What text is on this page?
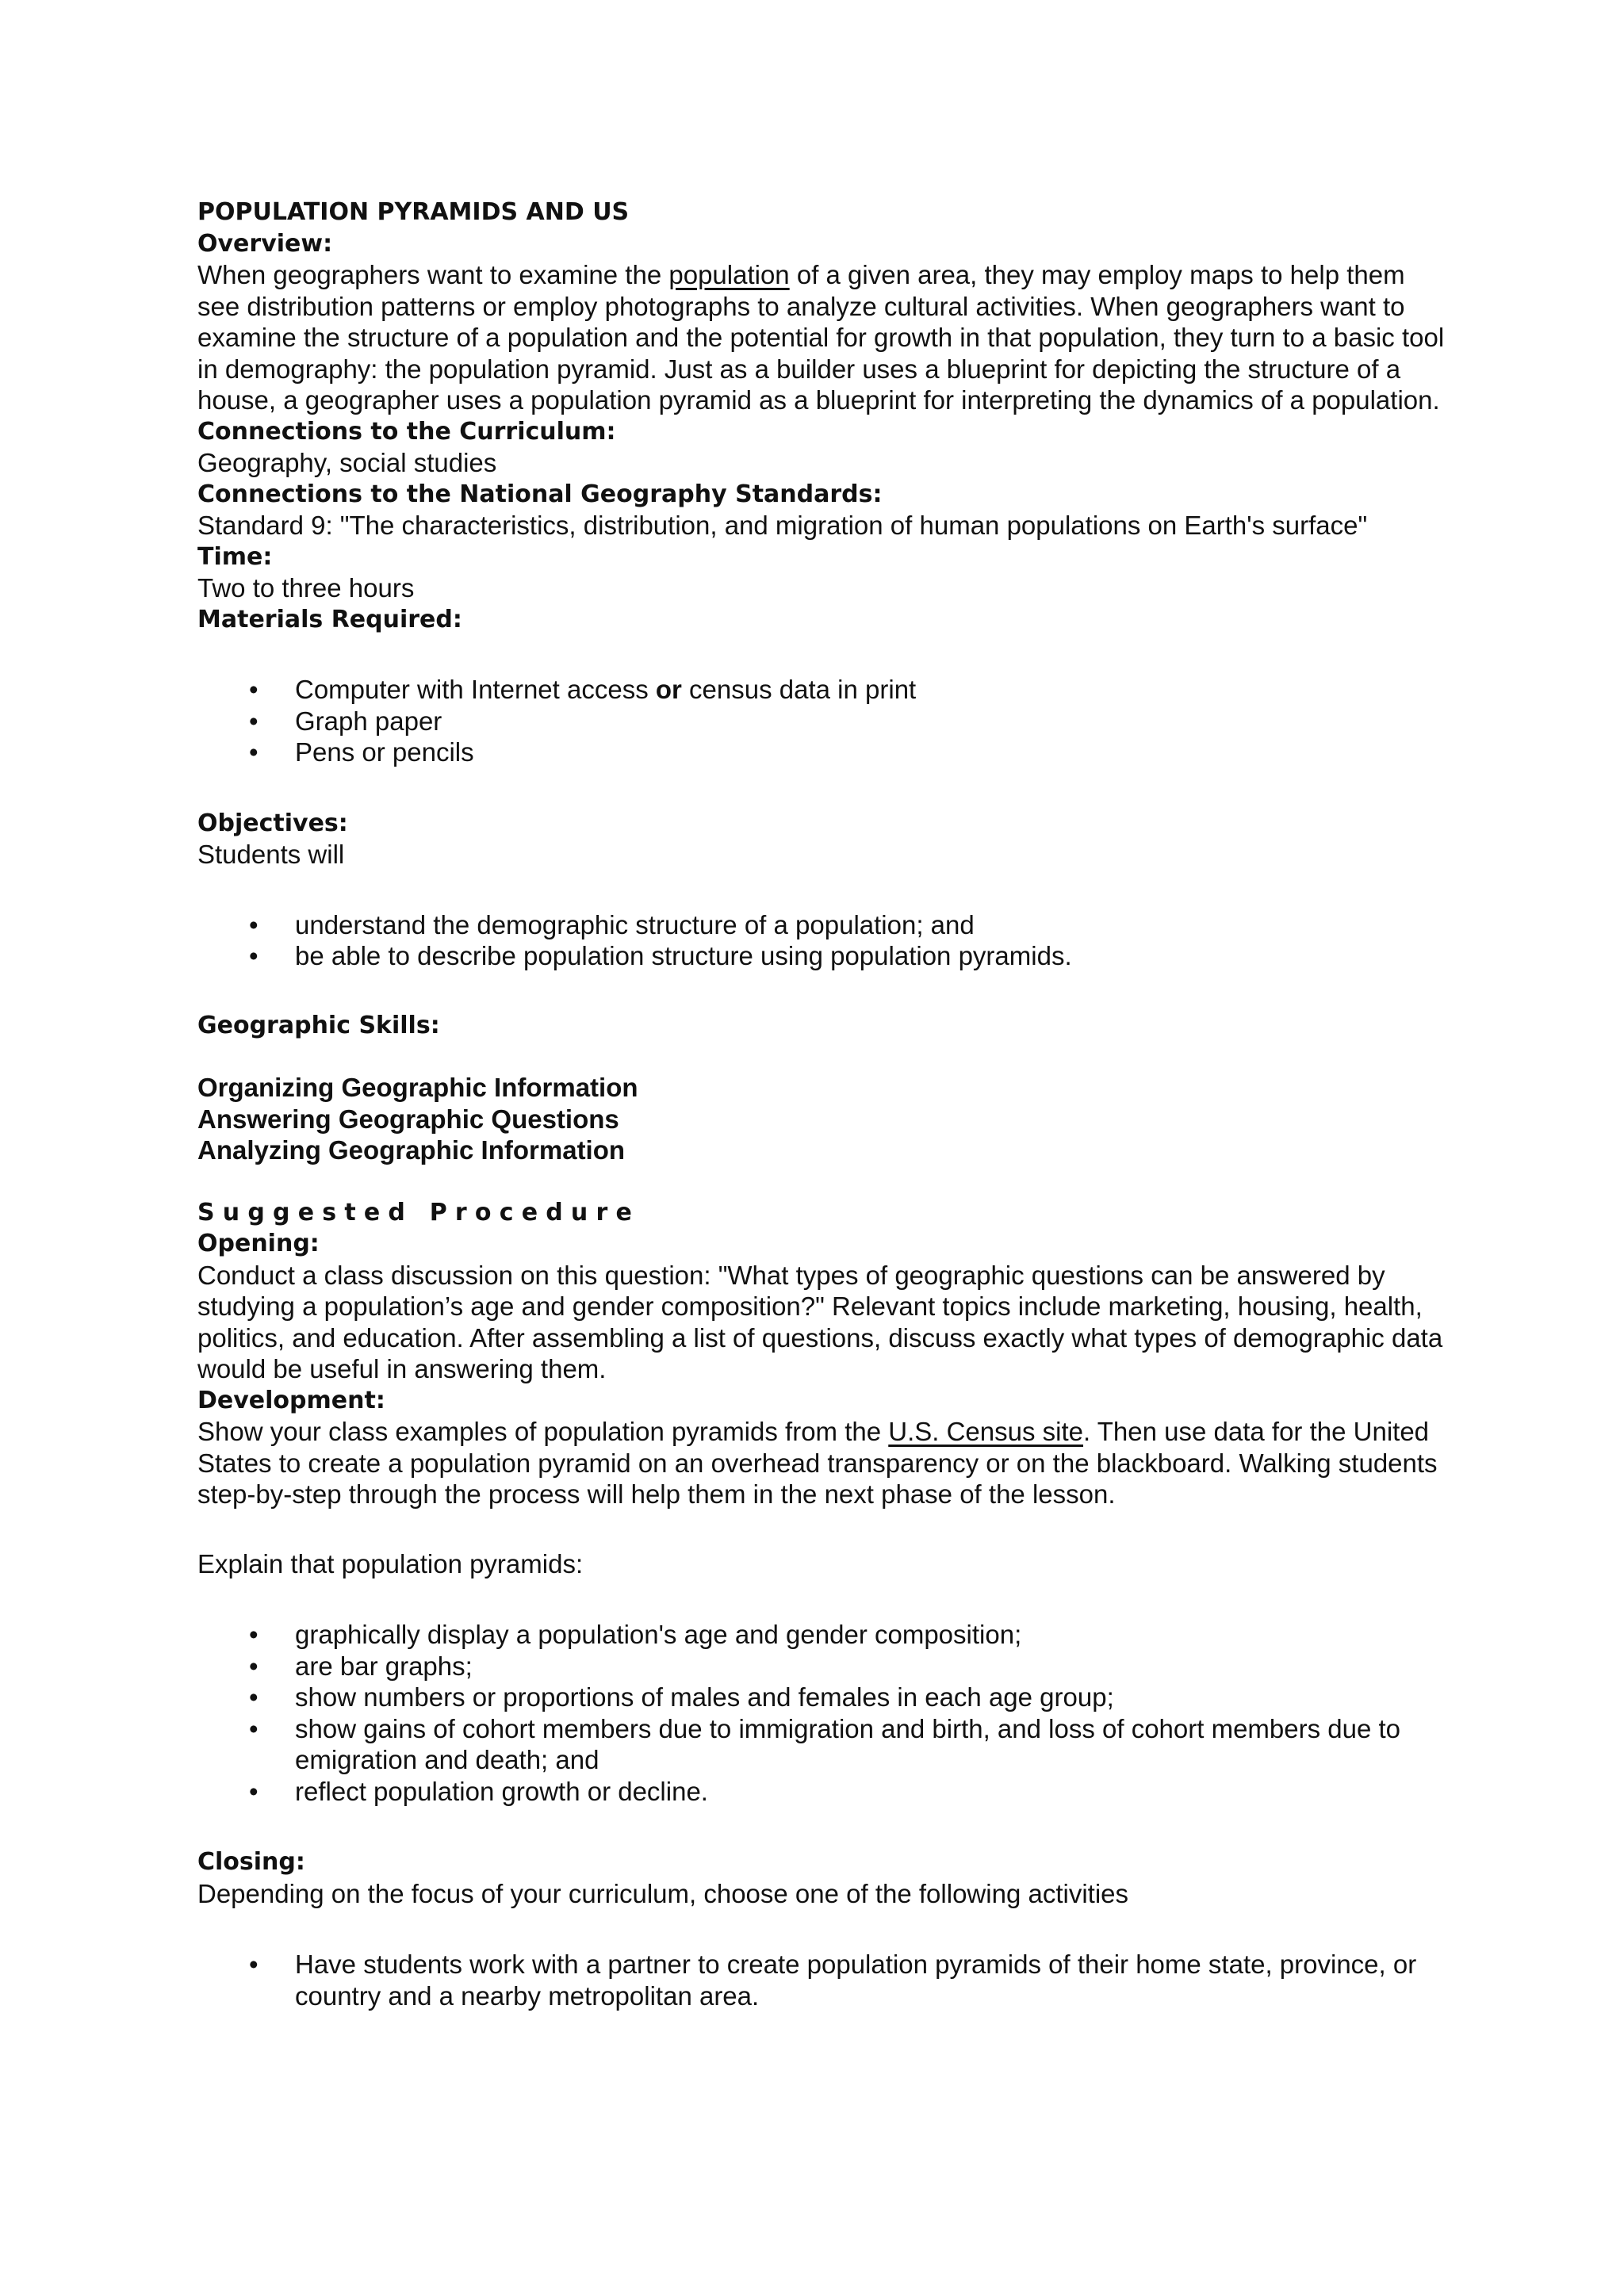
POPULATION PYRAMIDS AND US

Overview:

When geographers want to examine the population of a given area, they may employ maps to help them see distribution patterns or employ photographs to analyze cultural activities. When geographers want to examine the structure of a population and the potential for growth in that population, they turn to a basic tool in demography: the population pyramid. Just as a builder uses a blueprint for depicting the structure of a house, a geographer uses a population pyramid as a blueprint for interpreting the dynamics of a population.

Connections to the Curriculum:

Geography, social studies

Connections to the National Geography Standards:

Standard 9: "The characteristics, distribution, and migration of human populations on Earth's surface"

Time:

Two to three hours

Materials Required:

• Computer with Internet access or census data in print
• Graph paper
• Pens or pencils

Objectives:

Students will

• understand the demographic structure of a population; and
• be able to describe population structure using population pyramids.

Geographic Skills:

Organizing Geographic Information

Answering Geographic Questions

Analyzing Geographic Information

Suggested Procedure

Opening:

Conduct a class discussion on this question: "What types of geographic questions can be answered by studying a population’s age and gender composition?" Relevant topics include marketing, housing, health, politics, and education. After assembling a list of questions, discuss exactly what types of demographic data would be useful in answering them.

Development:

Show your class examples of population pyramids from the U.S. Census site. Then use data for the United States to create a population pyramid on an overhead transparency or on the blackboard. Walking students step-by-step through the process will help them in the next phase of the lesson.

Explain that population pyramids:

• graphically display a population's age and gender composition;
• are bar graphs;
• show numbers or proportions of males and females in each age group;
• show gains of cohort members due to immigration and birth, and loss of cohort members due to emigration and death; and
• reflect population growth or decline.

Closing:

Depending on the focus of your curriculum, choose one of the following activities

• Have students work with a partner to create population pyramids of their home state, province, or country and a nearby metropolitan area.
